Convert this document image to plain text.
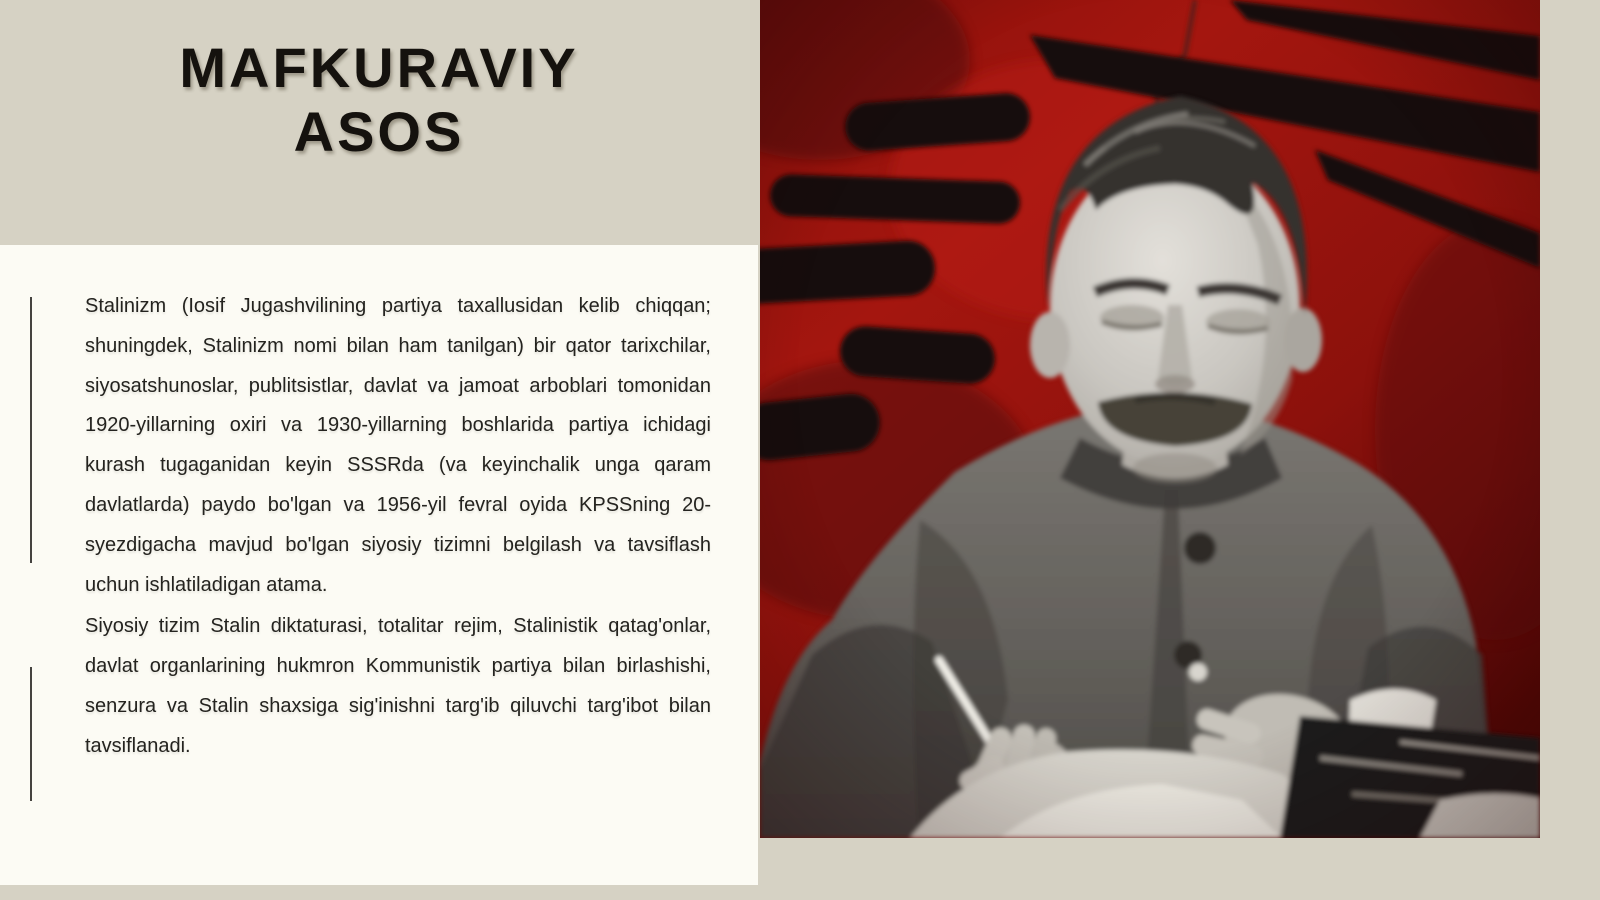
MAFKURAVIY
ASOS

Stalinizm (Iosif Jugashvilining partiya taxallusidan kelib chiqqan; shuningdek, Stalinizm nomi bilan ham tanilgan) bir qator tarixchilar, siyosatshunoslar, publitsistlar, davlat va jamoat arboblari tomonidan 1920-yillarning oxiri va 1930-yillarning boshlarida partiya ichidagi kurash tugaganidan keyin SSSRda (va keyinchalik unga qaram davlatlarda) paydo bo'lgan va 1956-yil fevral oyida KPSSning 20-syezdigacha mavjud bo'lgan siyosiy tizimni belgilash va tavsiflash uchun ishlatiladigan atama.

Siyosiy tizim Stalin diktaturasi, totalitar rejim, Stalinistik qatag'onlar, davlat organlarining hukmron Kommunistik partiya bilan birlashishi, senzura va Stalin shaxsiga sig'inishni targ'ib qiluvchi targ'ibot bilan tavsiflanadi.
